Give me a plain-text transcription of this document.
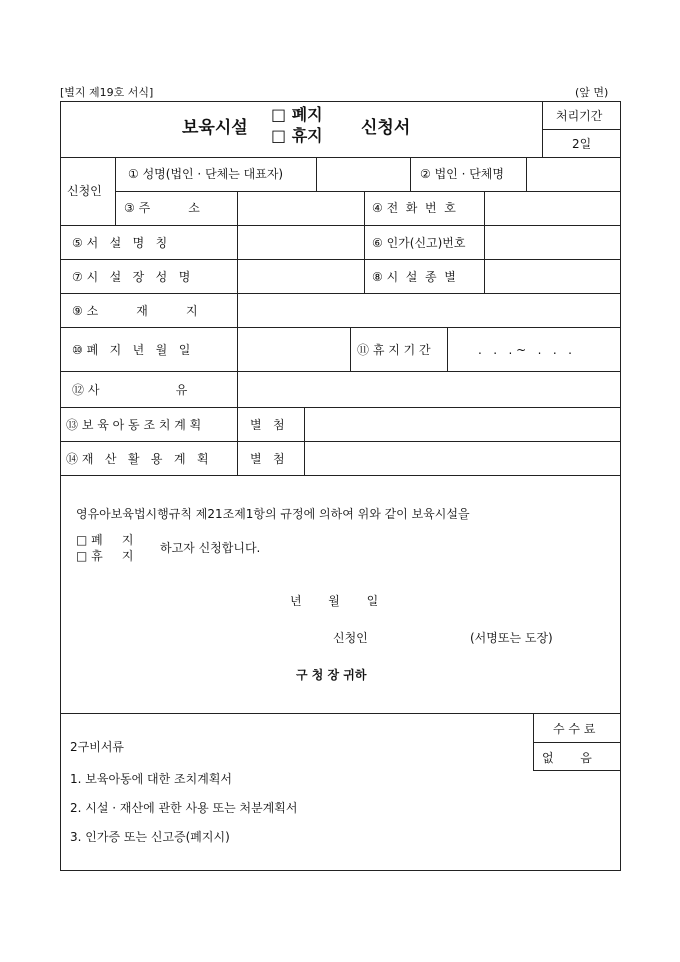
[별지 제19호 서식]	(앞 면)
보육시설
□ 폐지
□ 휴지 신청서
처리기간
2일
신청인
① 성명(법인 · 단체는 대표자)	② 법인 · 단체명
③ 주          소	④ 전  화  번  호
⑤ 서   설   명   칭	⑥ 인가(신고)번호
⑦ 시   설   장   성   명	⑧ 시  설  종  별
⑨ 소          재          지
⑩ 폐   지   년   월   일	⑪ 휴 지 기 간	.   .   . ~   .   .   .
⑫ 사                    유
⑬ 보 육 아 동 조 치 계 획	별   첨
⑭ 재   산   활   용   계   획	별   첨
영유아보육법시행규칙 제21조제1항의 규정에 의하여 위와 같이 보육시설을
□ 폐     지
□ 휴     지
하고자 신청합니다.
년       월       일
신청인	(서명또는 도장)
구 청 장 귀하
수 수 료
없       음
2구비서류
1. 보육아동에 대한 조치계획서
2. 시설 · 재산에 관한 사용 또는 처분계획서
3. 인가증 또는 신고증(폐지시)
